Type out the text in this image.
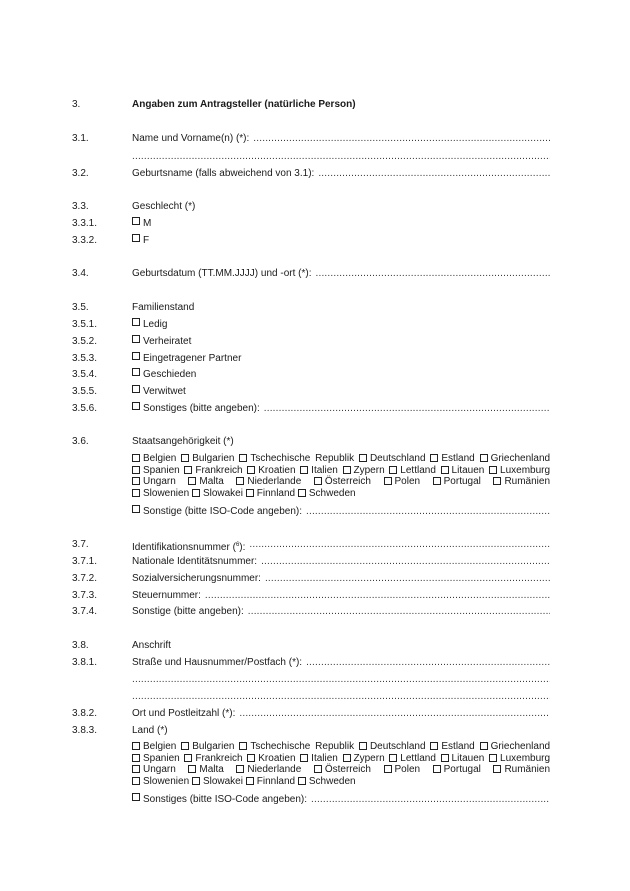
3.	Angaben zum Antragsteller (natürliche Person)
3.1.	Name und Vorname(n) (*):
.....
.....
3.2.	Geburtsname (falls abweichend von 3.1):
.....
3.3.	Geschlecht (*)
3.3.1.	M
3.3.2.	F
3.4.	Geburtsdatum (TT.MM.JJJJ) und -ort (*):
.....
3.5.	Familienstand
3.5.1.	Ledig
3.5.2.	Verheiratet
3.5.3.	Eingetragener Partner
3.5.4.	Geschieden
3.5.5.	Verwitwet
3.5.6.	Sonstiges (bitte angeben):
.....
3.6.	Staatsangehörigkeit (*)
Belgien Bulgarien Tschechische Republik Deutschland Estland Griechenland Spanien Frankreich Kroatien Italien Zypern Lettland Litauen Luxemburg Ungarn Malta Niederlande Österreich Polen Portugal Rumänien Slowenien Slowakei Finnland Schweden
Sonstige (bitte ISO-Code angeben):
.....
3.7.	Identifikationsnummer ($^6$):
.....
3.7.1.	Nationale Identitätsnummer:
.....
3.7.2.	Sozialversicherungsnummer:
.....
3.7.3.	Steuernummer:
.....
3.7.4.	Sonstige (bitte angeben):
.....
3.8.	Anschrift
3.8.1.	Straße und Hausnummer/Postfach (*):
.....
.....
.....
3.8.2.	Ort und Postleitzahl (*):
.....
3.8.3.	Land (*)
Belgien Bulgarien Tschechische Republik Deutschland Estland Griechenland Spanien Frankreich Kroatien Italien Zypern Lettland Litauen Luxemburg Ungarn Malta Niederlande Österreich Polen Portugal Rumänien Slowenien Slowakei Finnland Schweden
Sonstiges (bitte ISO-Code angeben):
.....
